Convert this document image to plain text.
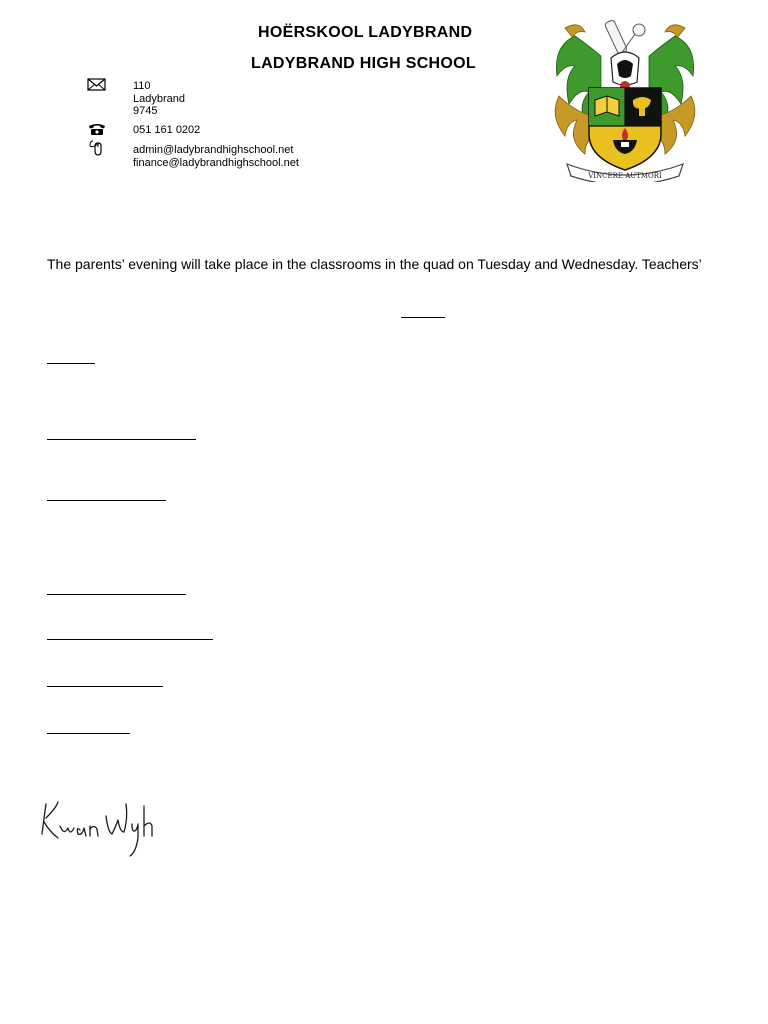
HOËRSKOOL LADYBRAND
LADYBRAND HIGH SCHOOL
110
Ladybrand
9745
051 161 0202
admin@ladybrandhighschool.net
finance@ladybrandhighschool.net
VINCERE AUTMORI
The parents’ evening will take place in the classrooms in the quad on Tuesday and Wednesday. Teachers’
